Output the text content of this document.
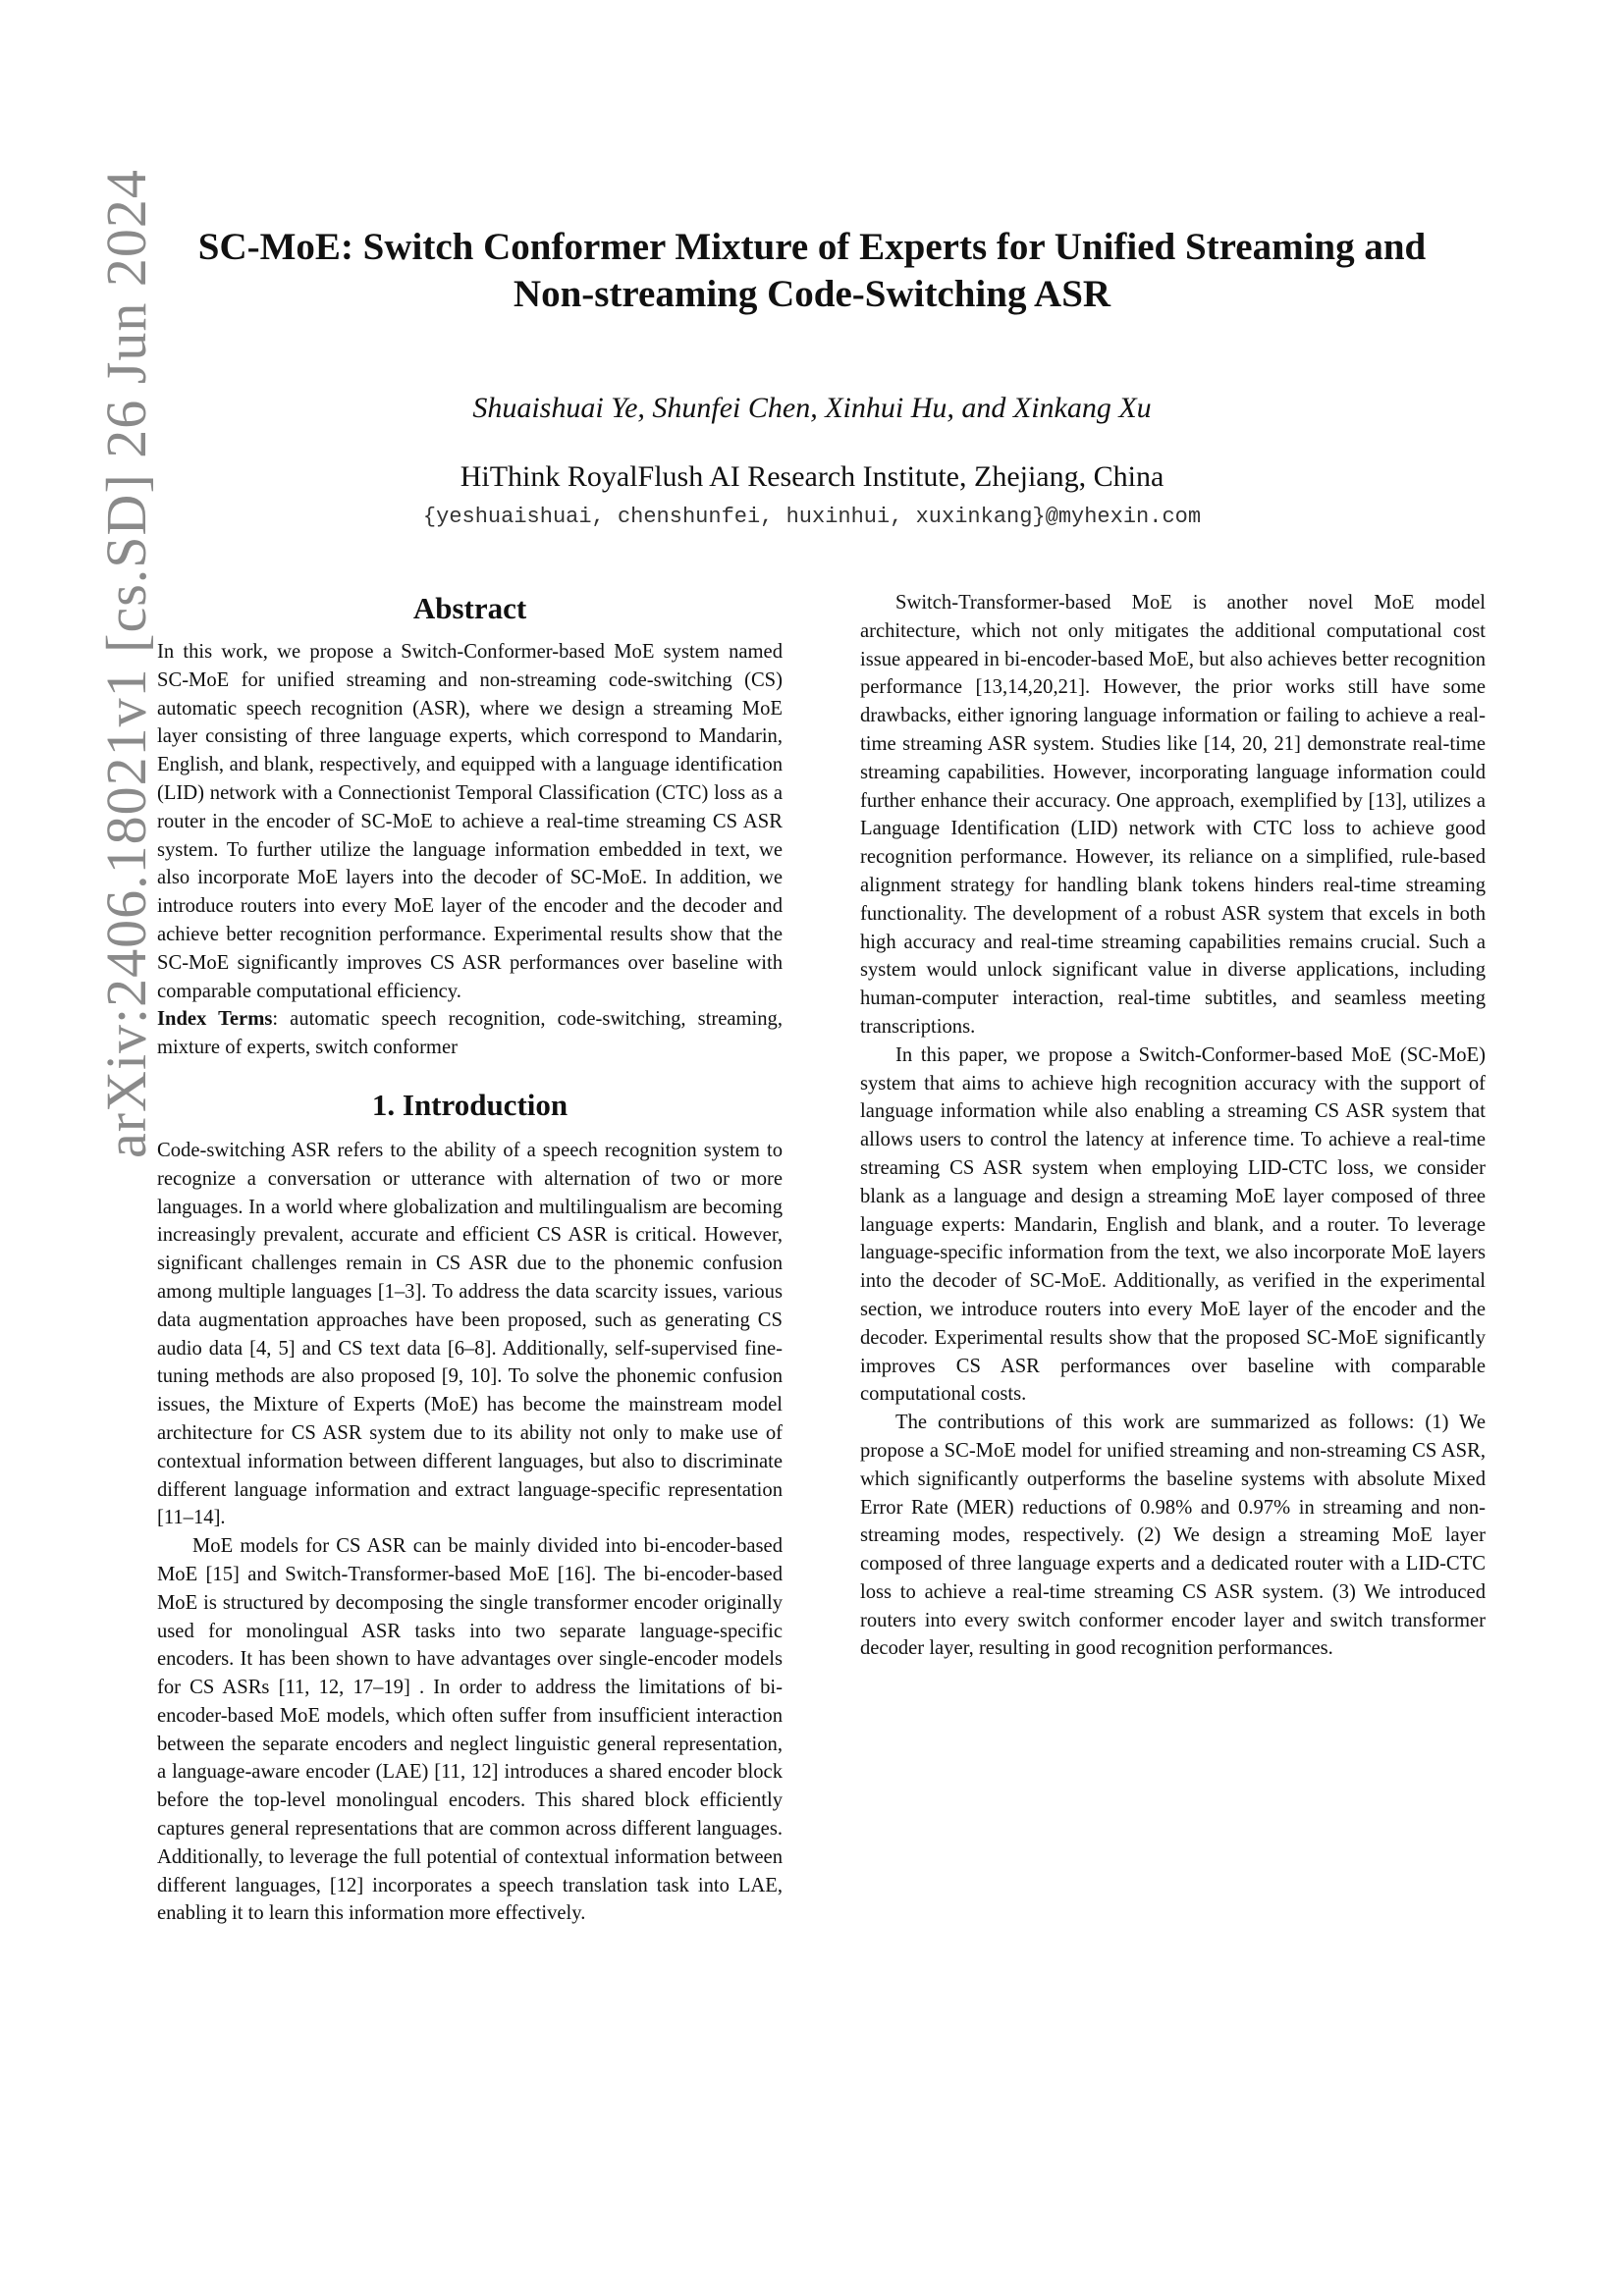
arXiv:2406.18021v1 [cs.SD] 26 Jun 2024	SC-MoE: Switch Conformer Mixture of Experts for Unified Streaming and
Non-streaming Code-Switching ASR
Shuaishuai Ye, Shunfei Chen, Xinhui Hu, and Xinkang Xu
HiThink RoyalFlush AI Research Institute, Zhejiang, China
{yeshuaishuai, chenshunfei, huxinhui, xuxinkang}@myhexin.com
Abstract

In this work, we propose a Switch-Conformer-based MoE system named SC-MoE for unified streaming and non-streaming code-switching (CS) automatic speech recognition (ASR), where we design a streaming MoE layer consisting of three language experts, which correspond to Mandarin, English, and blank, respectively, and equipped with a language identification (LID) network with a Connectionist Temporal Classification (CTC) loss as a router in the encoder of SC-MoE to achieve a real-time streaming CS ASR system. To further utilize the language information embedded in text, we also incorporate MoE layers into the decoder of SC-MoE. In addition, we introduce routers into every MoE layer of the encoder and the decoder and achieve better recognition performance. Experimental results show that the SC-MoE significantly improves CS ASR performances over baseline with comparable computational efficiency.

Index Terms: automatic speech recognition, code-switching, streaming, mixture of experts, switch conformer

1. Introduction

Code-switching ASR refers to the ability of a speech recognition system to recognize a conversation or utterance with alternation of two or more languages. In a world where globalization and multilingualism are becoming increasingly prevalent, accurate and efficient CS ASR is critical. However, significant challenges remain in CS ASR due to the phonemic confusion among multiple languages [1–3]. To address the data scarcity issues, various data augmentation approaches have been proposed, such as generating CS audio data [4, 5] and CS text data [6–8]. Additionally, self-supervised fine-tuning methods are also proposed [9, 10]. To solve the phonemic confusion issues, the Mixture of Experts (MoE) has become the mainstream model architecture for CS ASR system due to its ability not only to make use of contextual information between different languages, but also to discriminate different language information and extract language-specific representation [11–14].

MoE models for CS ASR can be mainly divided into bi-encoder-based MoE [15] and Switch-Transformer-based MoE [16]. The bi-encoder-based MoE is structured by decomposing the single transformer encoder originally used for monolingual ASR tasks into two separate language-specific encoders. It has been shown to have advantages over single-encoder models for CS ASRs [11, 12, 17–19] . In order to address the limitations of bi-encoder-based MoE models, which often suffer from insufficient interaction between the separate encoders and neglect linguistic general representation, a language-aware encoder (LAE) [11, 12] introduces a shared encoder block before the top-level monolingual encoders. This shared block efficiently captures general representations that are common across different languages. Additionally, to leverage the full potential of contextual information between different languages, [12] incorporates a speech translation task into LAE, enabling it to learn this information more effectively.

Switch-Transformer-based MoE is another novel MoE model architecture, which not only mitigates the additional computational cost issue appeared in bi-encoder-based MoE, but also achieves better recognition performance [13,14,20,21]. However, the prior works still have some drawbacks, either ignoring language information or failing to achieve a real-time streaming ASR system. Studies like [14, 20, 21] demonstrate real-time streaming capabilities. However, incorporating language information could further enhance their accuracy. One approach, exemplified by [13], utilizes a Language Identification (LID) network with CTC loss to achieve good recognition performance. However, its reliance on a simplified, rule-based alignment strategy for handling blank tokens hinders real-time streaming functionality. The development of a robust ASR system that excels in both high accuracy and real-time streaming capabilities remains crucial. Such a system would unlock significant value in diverse applications, including human-computer interaction, real-time subtitles, and seamless meeting transcriptions.

In this paper, we propose a Switch-Conformer-based MoE (SC-MoE) system that aims to achieve high recognition accuracy with the support of language information while also enabling a streaming CS ASR system that allows users to control the latency at inference time. To achieve a real-time streaming CS ASR system when employing LID-CTC loss, we consider blank as a language and design a streaming MoE layer composed of three language experts: Mandarin, English and blank, and a router. To leverage language-specific information from the text, we also incorporate MoE layers into the decoder of SC-MoE. Additionally, as verified in the experimental section, we introduce routers into every MoE layer of the encoder and the decoder. Experimental results show that the proposed SC-MoE significantly improves CS ASR performances over baseline with comparable computational costs.

The contributions of this work are summarized as follows: (1) We propose a SC-MoE model for unified streaming and non-streaming CS ASR, which significantly outperforms the baseline systems with absolute Mixed Error Rate (MER) reductions of 0.98% and 0.97% in streaming and non-streaming modes, respectively. (2) We design a streaming MoE layer composed of three language experts and a dedicated router with a LID-CTC loss to achieve a real-time streaming CS ASR system. (3) We introduced routers into every switch conformer encoder layer and switch transformer decoder layer, resulting in good recognition performances.
